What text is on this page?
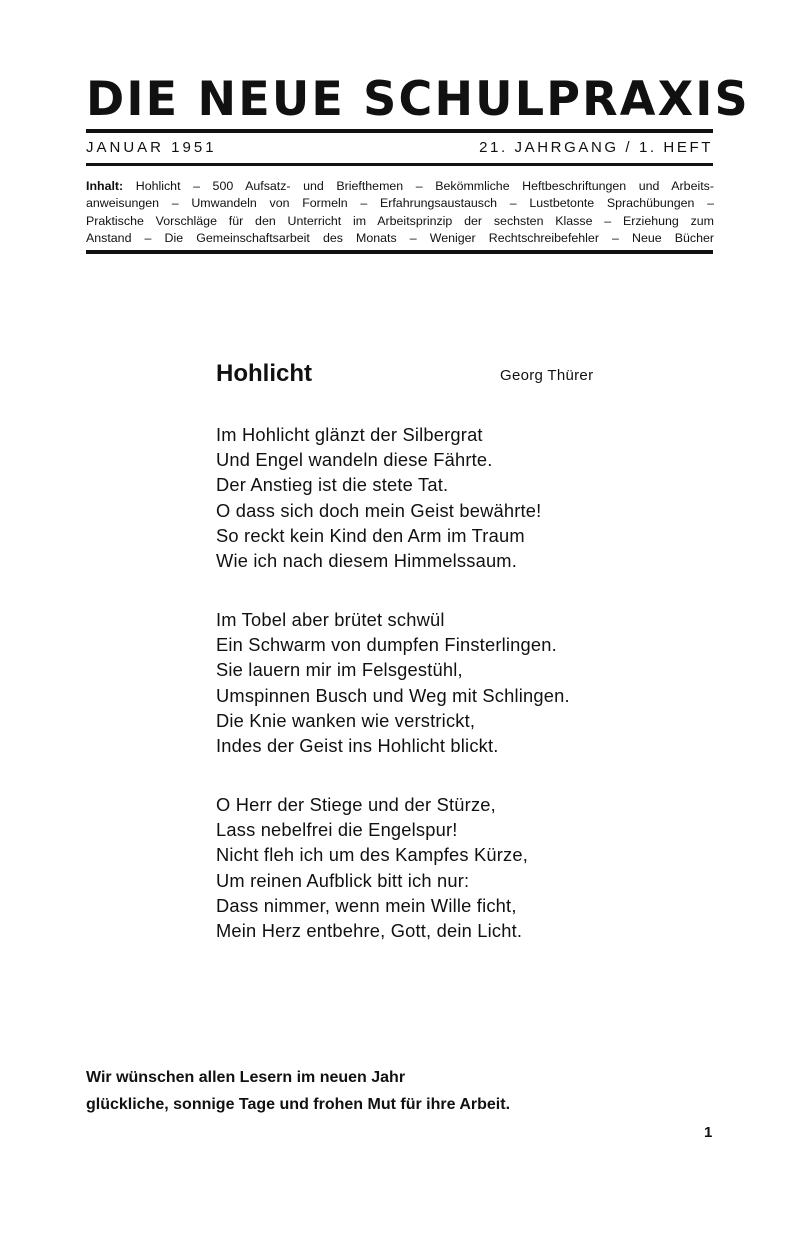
DIE NEUE SCHULPRAXIS
JANUAR 1951	21. JAHRGANG / 1. HEFT

Inhalt: Hohlicht – 500 Aufsatz- und Briefthemen – Bekömmliche Heftbeschriftungen und Arbeits-

anweisungen – Umwandeln von Formeln – Erfahrungsaustausch – Lustbetonte Sprachübungen –

Praktische Vorschläge für den Unterricht im Arbeitsprinzip der sechsten Klasse – Erziehung zum

Anstand – Die Gemeinschaftsarbeit des Monats – Weniger Rechtschreibefehler – Neue Bücher

Hohlicht	Georg Thürer
Im Hohlicht glänzt der Silbergrat
Und Engel wandeln diese Fährte.
Der Anstieg ist die stete Tat.
O dass sich doch mein Geist bewährte!
So reckt kein Kind den Arm im Traum
Wie ich nach diesem Himmelssaum.
Im Tobel aber brütet schwül
Ein Schwarm von dumpfen Finsterlingen.
Sie lauern mir im Felsgestühl,
Umspinnen Busch und Weg mit Schlingen.
Die Knie wanken wie verstrickt,
Indes der Geist ins Hohlicht blickt.
O Herr der Stiege und der Stürze,
Lass nebelfrei die Engelspur!
Nicht fleh ich um des Kampfes Kürze,
Um reinen Aufblick bitt ich nur:
Dass nimmer, wenn mein Wille ficht,
Mein Herz entbehre, Gott, dein Licht.
Wir wünschen allen Lesern im neuen Jahr
glückliche, sonnige Tage und frohen Mut für ihre Arbeit.
1
